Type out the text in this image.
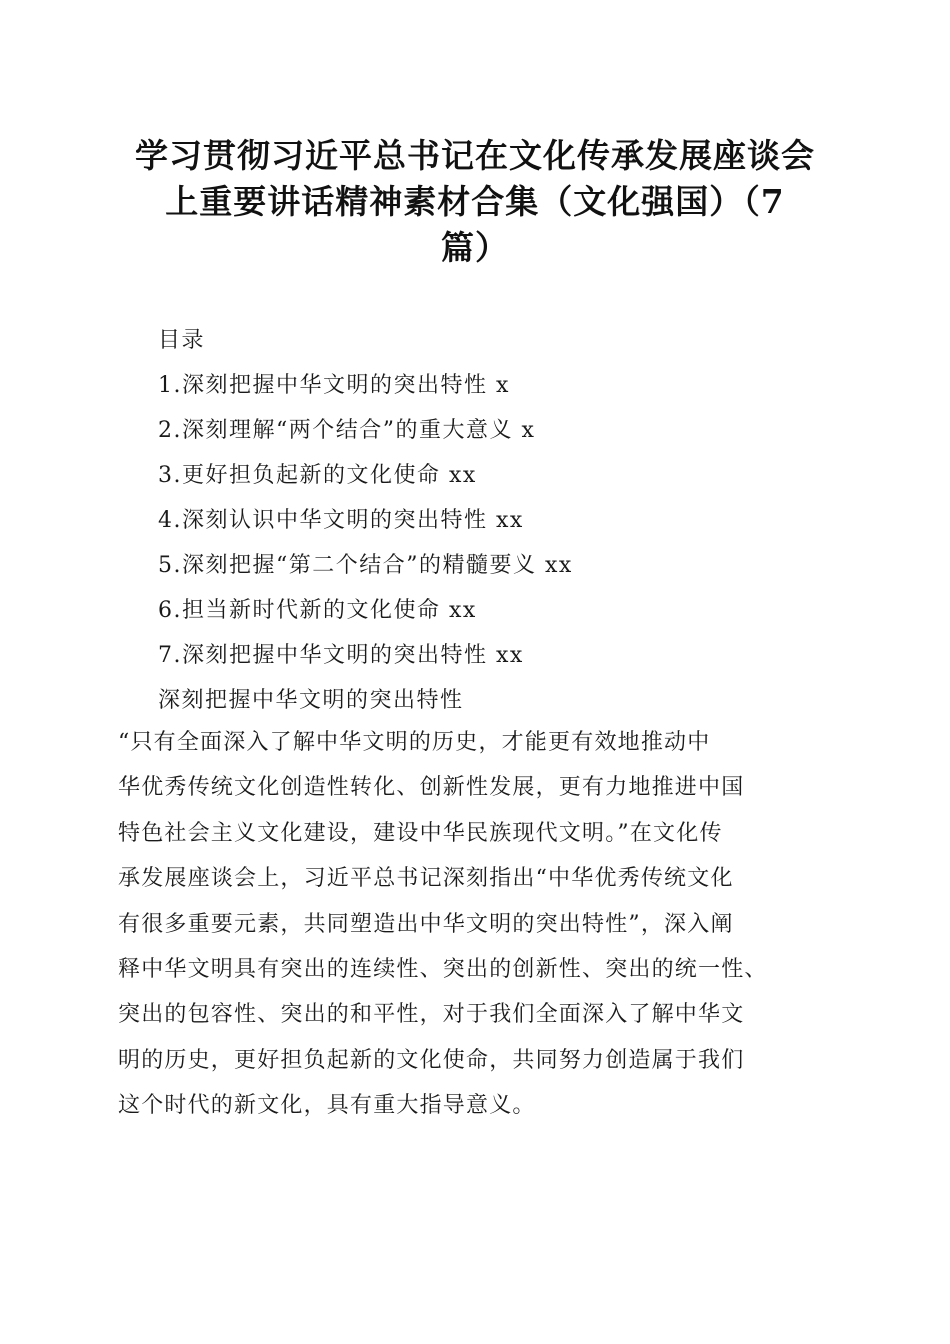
学习贯彻习近平总书记在文化传承发展座谈会
上重要讲话精神素材合集（文化强国）（7
篇）
目录
1.深刻把握中华文明的突出特性 x
2.深刻理解“两个结合”的重大意义 x
3.更好担负起新的文化使命 xx
4.深刻认识中华文明的突出特性 xx
5.深刻把握“第二个结合”的精髓要义 xx
6.担当新时代新的文化使命 xx
7.深刻把握中华文明的突出特性 xx
深刻把握中华文明的突出特性
“只有全面深入了解中华文明的历史，才能更有效地推动中
华优秀传统文化创造性转化、创新性发展，更有力地推进中国
特色社会主义文化建设，建设中华民族现代文明。”在文化传
承发展座谈会上，习近平总书记深刻指出“中华优秀传统文化
有很多重要元素，共同塑造出中华文明的突出特性”，深入阐
释中华文明具有突出的连续性、突出的创新性、突出的统一性、
突出的包容性、突出的和平性，对于我们全面深入了解中华文
明的历史，更好担负起新的文化使命，共同努力创造属于我们
这个时代的新文化，具有重大指导意义。
